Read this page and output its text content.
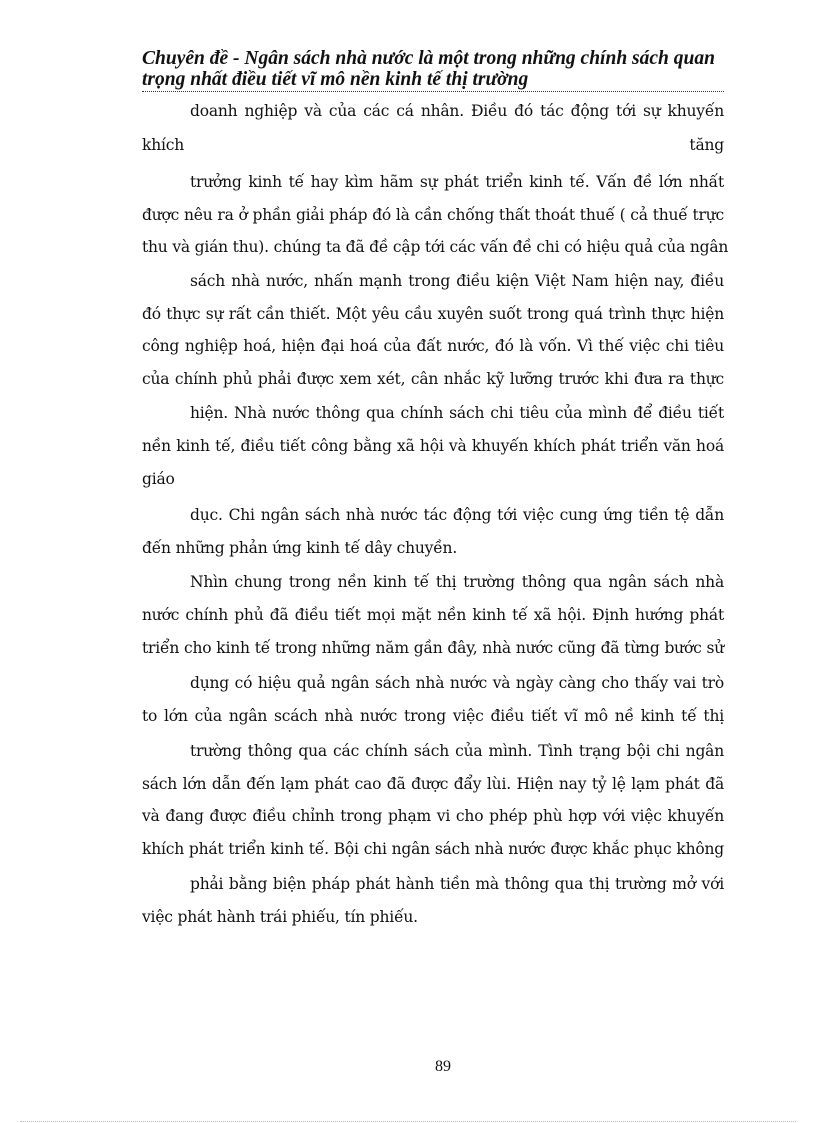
Chuyên đề - Ngân sách nhà nước là một trong những chính sách quan
trọng nhất điều tiết vĩ mô nền kinh tế thị trường
doanh nghiệp và của các cá nhân. Điều đó tác động tới sự khuyến
khích	tăng
trưởng kinh tế hay kìm hãm sự phát triển kinh tế. Vấn đề lớn nhất
được nêu ra ở phần giải pháp đó là cần chống thất thoát thuế ( cả thuế trực
thu và gián thu). chúng ta đã đề cập tới các vấn đề chi có hiệu quả của ngân
sách nhà nước, nhấn mạnh trong điều kiện Việt Nam hiện nay, điều
đó thực sự rất cần thiết. Một yêu cầu xuyên suốt trong quá trình thực hiện
công nghiệp hoá, hiện đại hoá của đất nước, đó là vốn. Vì thế việc chi tiêu
của chính phủ phải được xem xét, cân nhắc kỹ lưỡng trước khi đưa ra thực
hiện. Nhà nước thông qua chính sách chi tiêu của mình để điều tiết
nền kinh tế, điều tiết công bằng xã hội và khuyến khích phát triển văn hoá
giáo
dục. Chi ngân sách nhà nước tác động tới việc cung ứng tiền tệ dẫn
đến những phản ứng kinh tế dây chuyền.
Nhìn chung trong nền kinh tế thị trường thông qua ngân sách nhà
nước chính phủ đã điều tiết mọi mặt nền kinh tế xã hội. Định hướng phát
triển cho kinh tế trong những năm gần đây, nhà nước cũng đã từng bước sử
dụng có hiệu quả ngân sách nhà nước và ngày càng cho thấy vai trò
to lớn của ngân scách nhà nước trong việc điều tiết vĩ mô nề kinh tế thị
trường thông qua các chính sách của mình. Tình trạng bội chi ngân
sách lớn dẫn đến lạm phát cao đã được đẩy lùi. Hiện nay tỷ lệ lạm phát đã
và đang được điều chỉnh trong phạm vi cho phép phù hợp với việc khuyến
khích phát triển kinh tế. Bội chi ngân sách nhà nước được khắc phục không
phải bằng biện pháp phát hành tiền mà thông qua thị trường mở với
việc phát hành trái phiếu, tín phiếu.
89
